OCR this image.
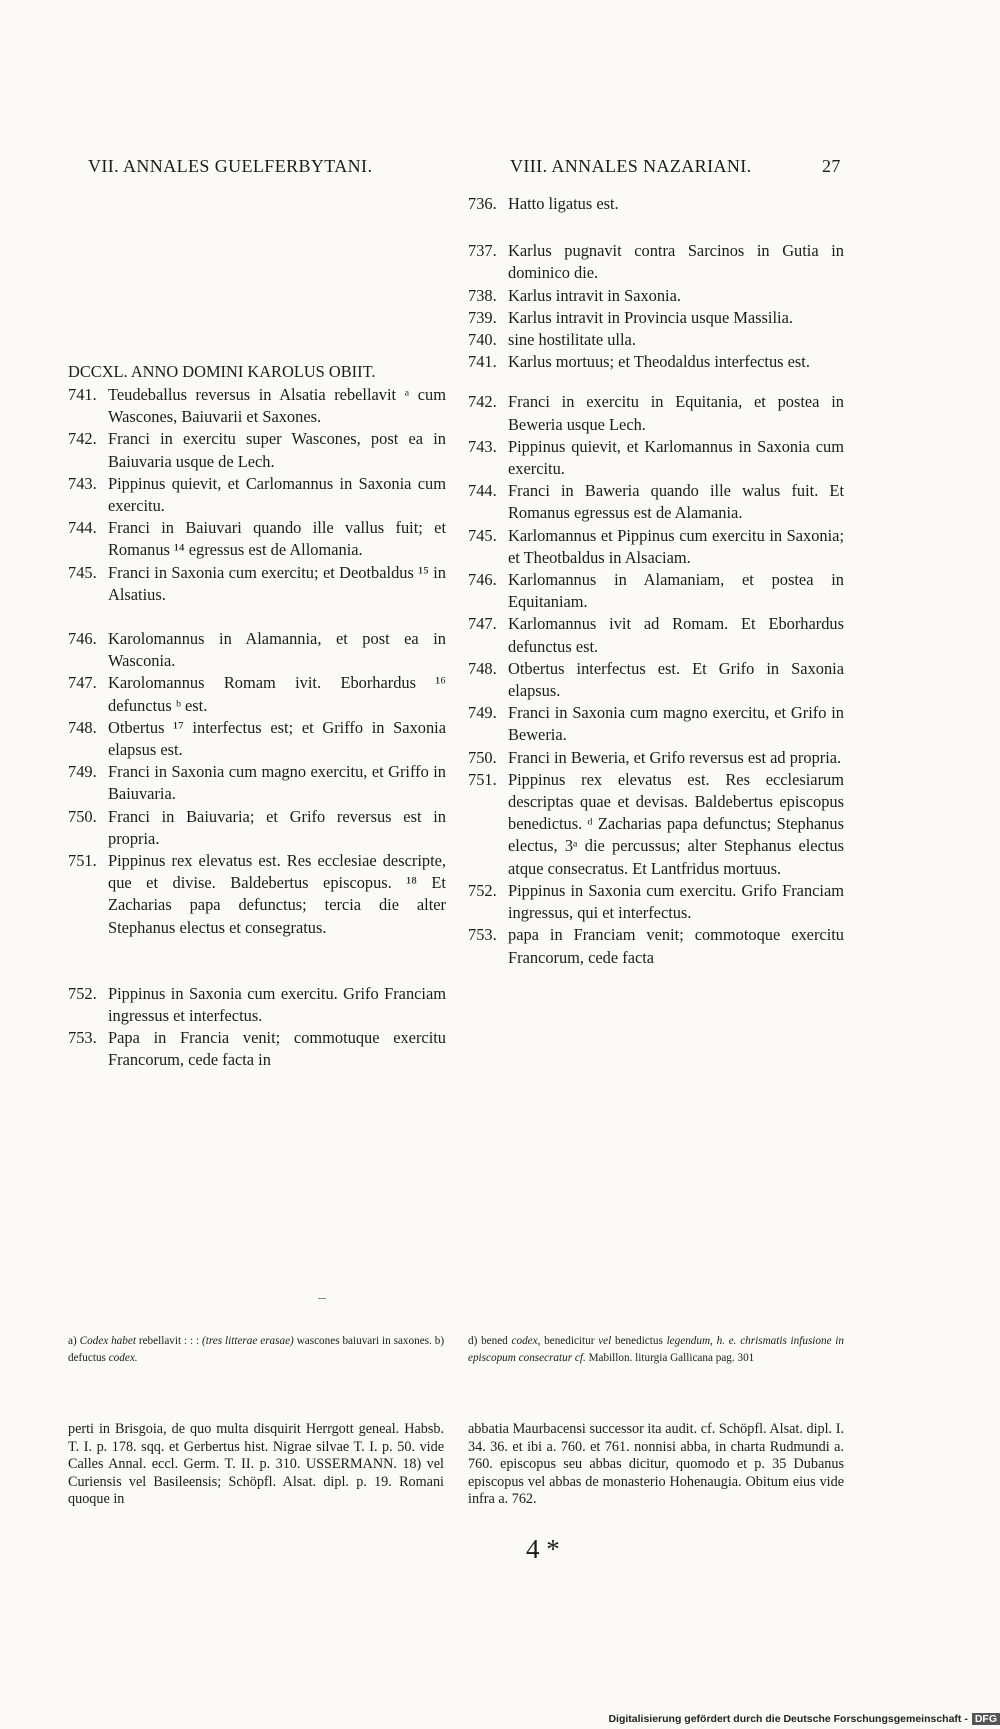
VII. ANNALES GUELFERBYTANI.	VIII. ANNALES NAZARIANI.	27
736. Hatto ligatus est.
737. Karlus pugnavit contra Sarcinos in Gutia in dominico die.
738. Karlus intravit in Saxonia.
739. Karlus intravit in Provincia usque Massilia.
740. sine hostilitate ulla.
741. Karlus mortuus; et Theodaldus interfectus est.
742. Franci in exercitu in Equitania, et postea in Beweria usque Lech.
743. Pippinus quievit, et Karlomannus in Saxonia cum exercitu.
744. Franci in Baweria quando ille walus fuit. Et Romanus egressus est de Alamania.
745. Karlomannus et Pippinus cum exercitu in Saxonia; et Theotbaldus in Alsaciam.
746. Karlomannus in Alamaniam, et postea in Equitaniam.
747. Karlomannus ivit ad Romam. Et Eborhardus defunctus est.
748. Otbertus interfectus est. Et Grifo in Saxonia elapsus.
749. Franci in Saxonia cum magno exercitu, et Grifo in Beweria.
750. Franci in Beweria, et Grifo reversus est ad propria.
751. Pippinus rex elevatus est. Res ecclesiarum descriptas quae et devisas. Baldebertus episcopus benedictus. ᵈ Zacharias papa defunctus; Stephanus electus, 3ᵃ die percussus; alter Stephanus electus atque consecratus. Et Lantfridus mortuus.
752. Pippinus in Saxonia cum exercitu. Grifo Franciam ingressus, qui et interfectus.
753. papa in Franciam venit; commotoque exercitu Francorum, cede facta
DCCXL. ANNO DOMINI KAROLUS OBIIT.
741. Teudeballus reversus in Alsatia rebellavit ᵃ cum Wascones, Baiuvarii et Saxones.
742. Franci in exercitu super Wascones, post ea in Baiuvaria usque de Lech.
743. Pippinus quievit, et Carlomannus in Saxonia cum exercitu.
744. Franci in Baiuvari quando ille vallus fuit; et Romanus ¹⁴ egressus est de Allomania.
745. Franci in Saxonia cum exercitu; et Deotbaldus ¹⁵ in Alsatius.
746. Karolomannus in Alamannia, et post ea in Wasconia.
747. Karolomannus Romam ivit. Eborhardus ¹⁶ defunctus ᵇ est.
748. Otbertus ¹⁷ interfectus est; et Griffo in Saxonia elapsus est.
749. Franci in Saxonia cum magno exercitu, et Griffo in Baiuvaria.
750. Franci in Baiuvaria; et Grifo reversus est in propria.
751. Pippinus rex elevatus est. Res ecclesiae descripte, que et divise. Baldebertus episcopus. ¹⁸ Et Zacharias papa defunctus; tercia die alter Stephanus electus et consegratus.
752. Pippinus in Saxonia cum exercitu. Grifo Franciam ingressus et interfectus.
753. Papa in Francia venit; commotuque exercitu Francorum, cede facta in
a) Codex habet rebellavit : : : (tres litterae erasae) wascones baiuvari in saxones. b) defuctus codex.
d) bened codex, benedicitur vel benedictus legendum, h. e. chrismatis infusione in episcopum consecratur cf. Mabillon. liturgia Gallicana pag. 301
perti in Brisgoia, de quo multa disquirit Herrgott geneal. Habsb. T. I. p. 178. sqq. et Gerbertus hist. Nigrae silvae T. I. p. 50. vide Calles Annal. eccl. Germ. T. II. p. 310. USSERMANN. 18) vel Curiensis vel Basileensis; Schöpfl. Alsat. dipl. p. 19. Romani quoque in
abbatia Maurbacensi successor ita audit. cf. Schöpfl. Alsat. dipl. I. 34. 36. et ibi a. 760. et 761. nonnisi abba, in charta Rudmundi a. 760. episcopus seu abbas dicitur, quomodo et p. 35 Dubanus episcopus vel abbas de monasterio Hohenaugia. Obitum eius vide infra a. 762.
4 *
Digitalisierung gefördert durch die Deutsche Forschungsgemeinschaft - DFG
